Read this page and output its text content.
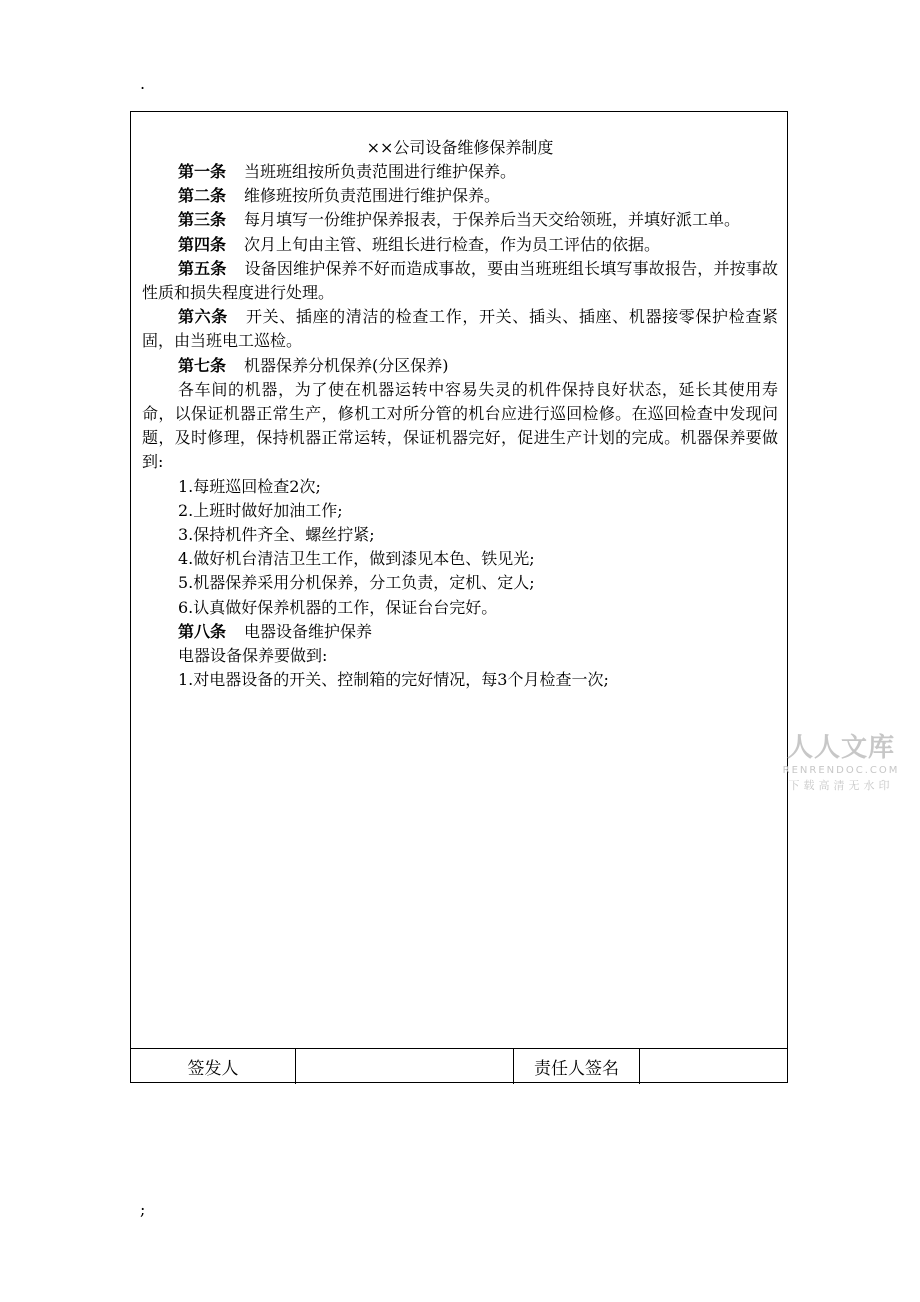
.
××公司设备维修保养制度

第一条 当班班组按所负责范围进行维护保养。

第二条 维修班按所负责范围进行维护保养。

第三条 每月填写一份维护保养报表，于保养后当天交给领班，并填好派工单。

第四条 次月上旬由主管、班组长进行检查，作为员工评估的依据。

第五条 设备因维护保养不好而造成事故，要由当班班组长填写事故报告，并按事故性质和损失程度进行处理。

第六条 开关、插座的清洁的检查工作，开关、插头、插座、机器接零保护检查紧固，由当班电工巡检。

第七条 机器保养分机保养(分区保养)

各车间的机器，为了使在机器运转中容易失灵的机件保持良好状态，延长其使用寿命，以保证机器正常生产，修机工对所分管的机台应进行巡回检修。在巡回检查中发现问题，及时修理，保持机器正常运转，保证机器完好，促进生产计划的完成。机器保养要做到:

1.每班巡回检查2次;

2.上班时做好加油工作;

3.保持机件齐全、螺丝拧紧;

4.做好机台清洁卫生工作，做到漆见本色、铁见光;

5.机器保养采用分机保养，分工负责，定机、定人;

6.认真做好保养机器的工作，保证台台完好。

第八条 电器设备维护保养

电器设备保养要做到:

1.对电器设备的开关、控制箱的完好情况，每3个月检查一次;

人人文库
RENRENDOC.COM
下载高清无水印
签发人	责任人签名
;
